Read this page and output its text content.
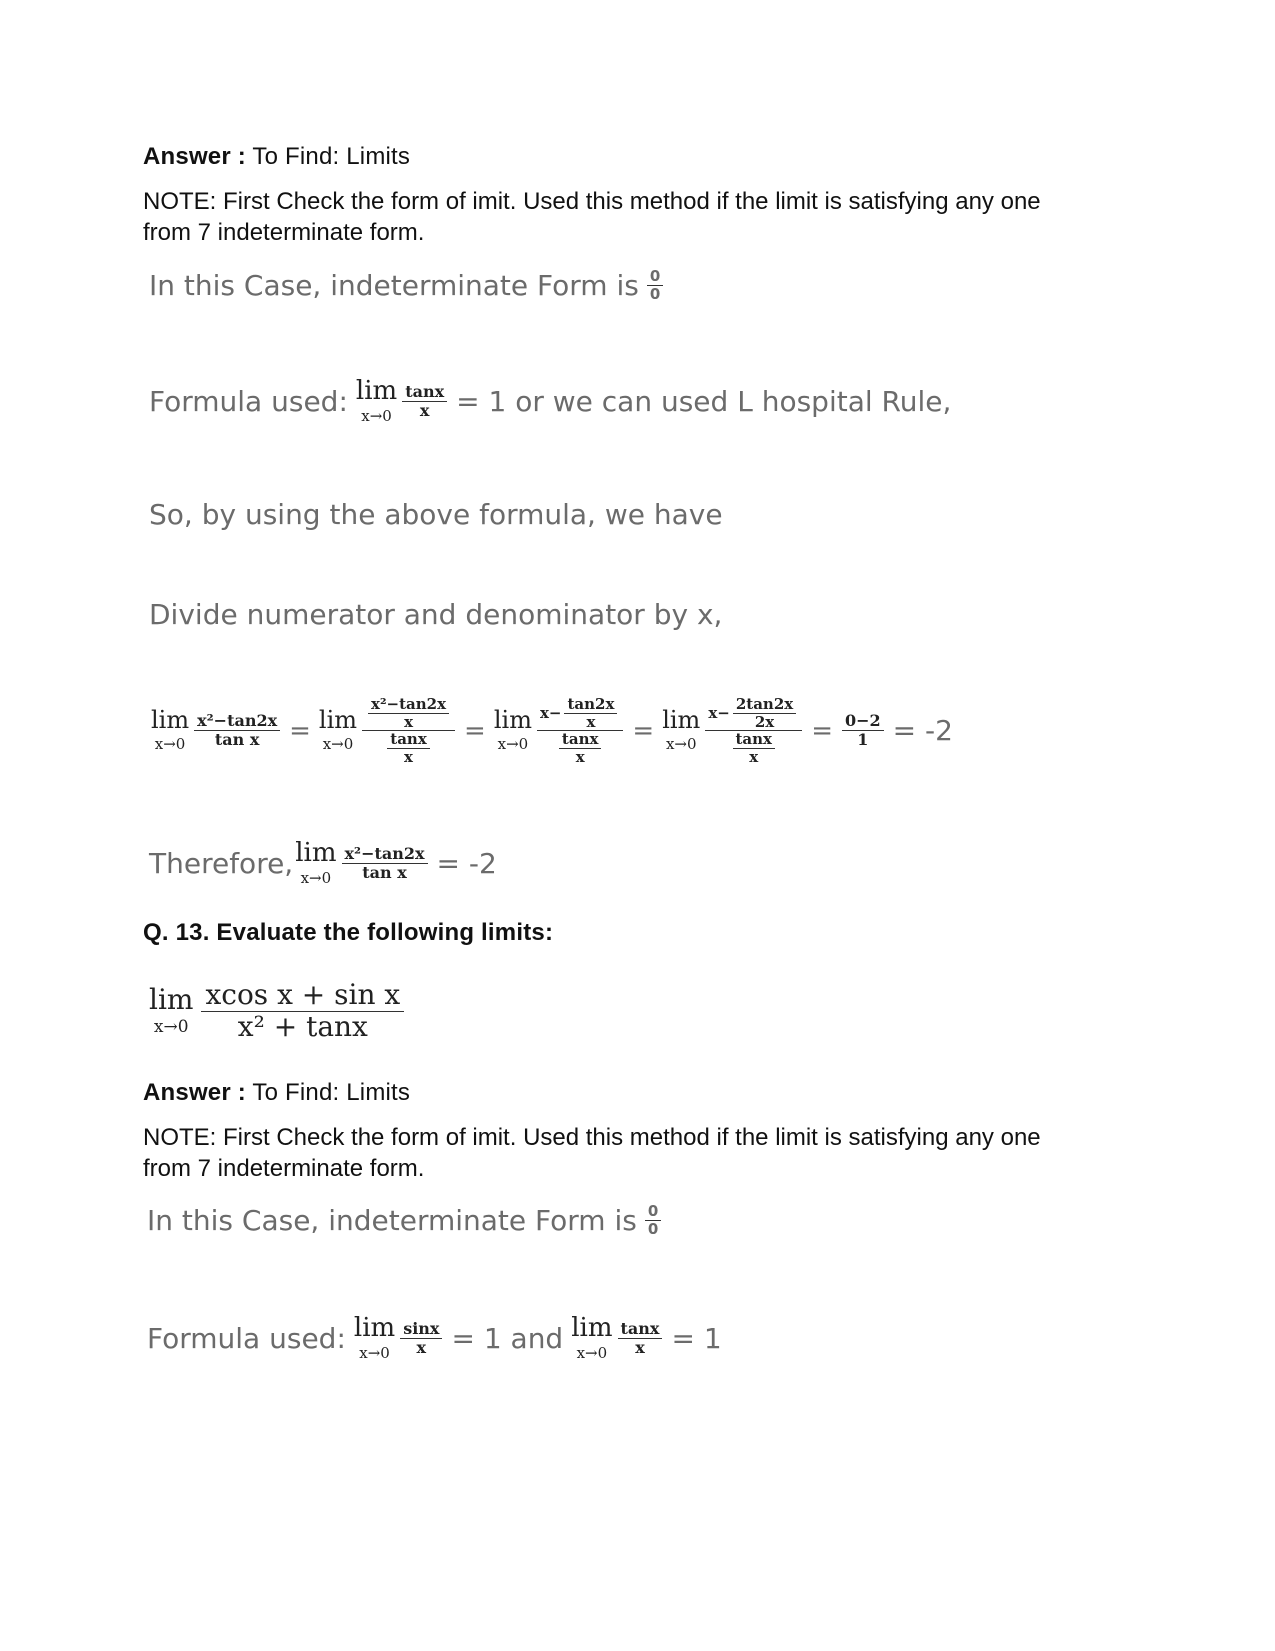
Answer : To Find: Limits
NOTE: First Check the form of imit. Used this method if the limit is satisfying any one
from 7 indeterminate form.
In this Case, indeterminate Form is $\frac{0}{0}$
Formula used: lim
$x\to 0 \frac{\tan x}{x} = 1$ or we can used L hospital Rule,
So, by using the above formula, we have
Divide numerator and denominator by x,
lim
$x\to 0 \frac{\text{x²−tan2x}}{\text{tan x}} = \lim$
$x\to 0 \frac{\frac{\text{x²−tan2x}}{x}}{\frac{\tan x}{x}} = \lim$
$x\to 0 \frac{x- \frac{\tan 2x}{x}}{\frac{\tan x}{x}} = \lim$
$x\to 0 \frac{x- \frac{2\tan 2x}{2x}}{\frac{\tan x}{x}} = \frac{0-2}{1} = -2$
Therefore, lim
$x\to 0 \frac{\text{x²−tan2x}}{\text{tan x}} = -2$
Q. 13. Evaluate the following limits:
lim
$x\to 0 \frac{\text{xcos x + sin x}}{\text{x² + tanx}}$
Answer : To Find: Limits
NOTE: First Check the form of imit. Used this method if the limit is satisfying any one
from 7 indeterminate form.
In this Case, indeterminate Form is $\frac{0}{0}$
Formula used: lim
$x\to 0 \frac{\sin x}{x} = 1$ and lim
$x\to 0 \frac{\tan x}{x} = 1$
